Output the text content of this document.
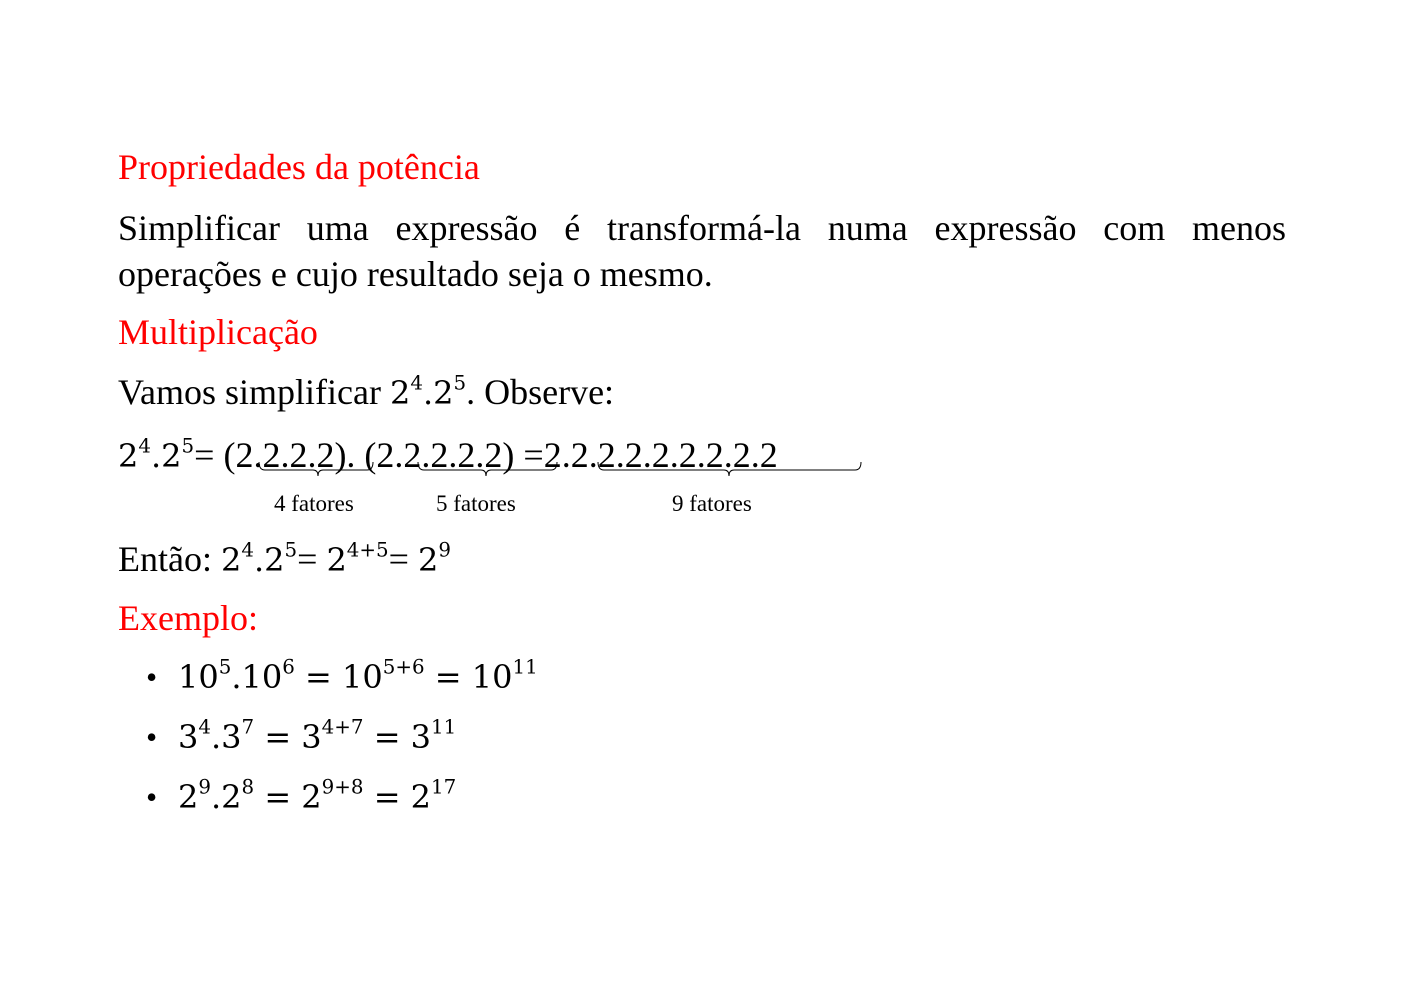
Propriedades da potência
Simplificar uma expressão é transformá-la numa expressão com menos operações e cujo resultado seja o mesmo.
Multiplicação
Vamos simplificar $2^4.2^5$. Observe:
$2^4.2^5= (2.2.2.2)$. (2.2.2.2.2) =2.2.2.2.2.2.2.2.2
4 fatores	5 fatores	9 fatores
Então: $2^4.2^5= 2^{4+5}= 2^9$
Exemplo:
• $10^5.10^6 = 10^{5+6} = 10^{11}$
• $3^4.3^7 = 3^{4+7} = 3^{11}$
• $2^9.2^8 = 2^{9+8} = 2^{17}$
